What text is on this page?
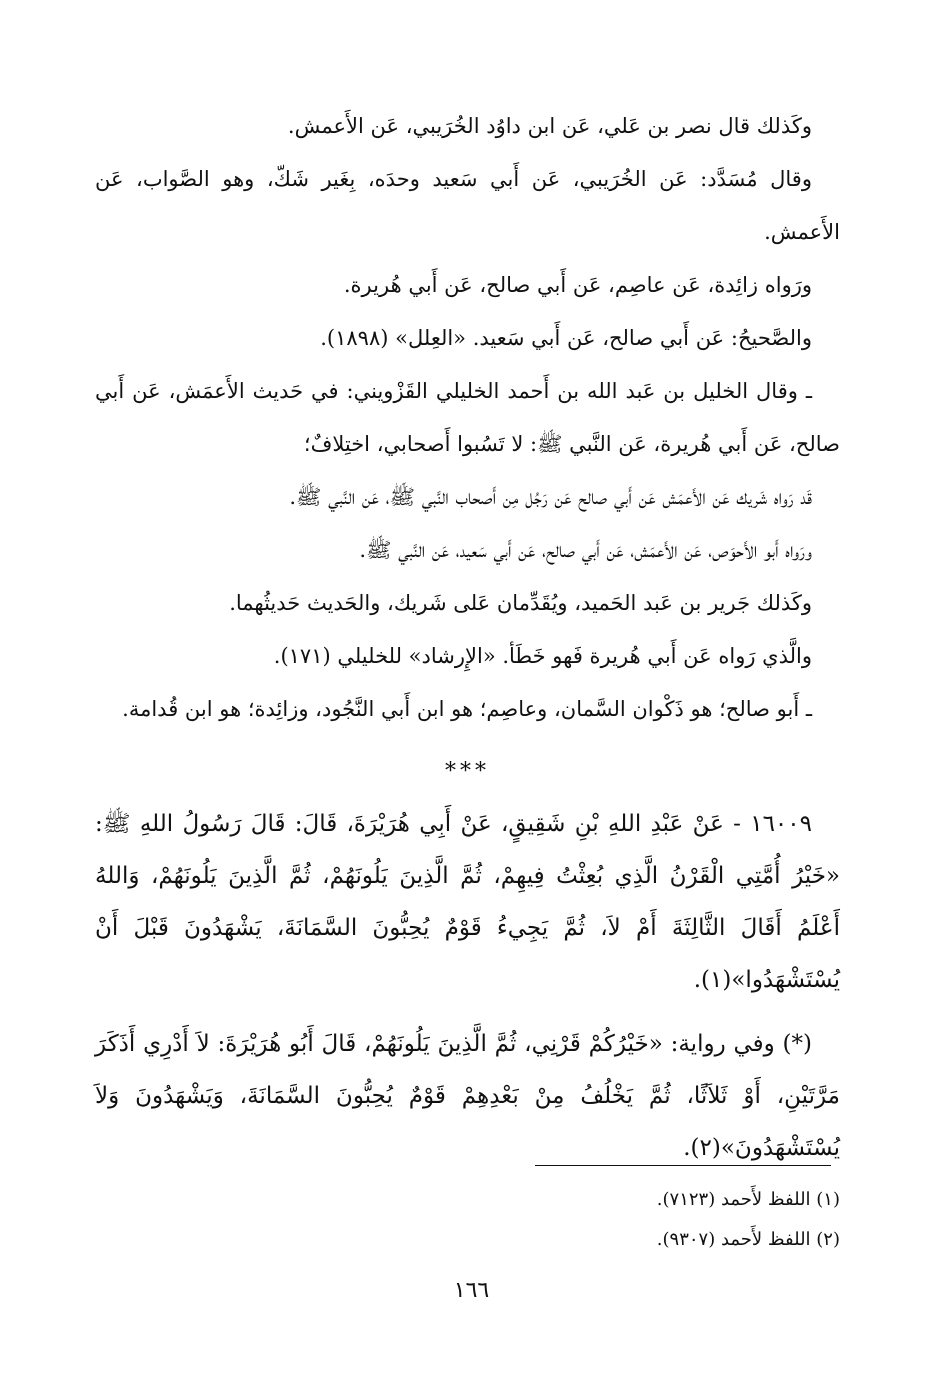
وكَذلك قال نصر بن عَلي، عَن ابن داوُد الخُرَيبي، عَن الأَعمش.

وقال مُسَدَّد: عَن الخُرَيبي، عَن أَبي سَعيد وحدَه، بِغَير شَكّ، وهو الصَّواب، عَن الأَعمش.

ورَواه زائِدة، عَن عاصِم، عَن أَبي صالح، عَن أَبي هُريرة.

والصَّحيحُ: عَن أَبي صالح، عَن أَبي سَعيد. «العِلل» (١٨٩٨).

ـ وقال الخليل بن عَبد الله بن أَحمد الخليلي القَزْويني: في حَديث الأَعمَش، عَن أَبي صالح، عَن أَبي هُريرة، عَن النَّبي ﷺ: لا تَسُبوا أَصحابي، اختِلافٌ؛

قَد رَواه شَريك عَن الأَعمَش عَن أَبي صالح عَن رَجُل مِن أَصحاب النَّبي ﷺ، عَن النَّبي ﷺ.

ورَواه أَبو الأَحوَص، عَن الأَعمَش، عَن أَبي صالح، عَن أَبي سَعيد، عَن النَّبي ﷺ.

وكَذلك جَرير بن عَبد الحَميد، ويُقَدِّمان عَلى شَريك، والحَديث حَديثُهما.

والَّذي رَواه عَن أَبي هُريرة فَهو خَطَأ. «الإِرشاد» للخليلي (١٧١).

ـ أَبو صالح؛ هو ذَكْوان السَّمان، وعاصِم؛ هو ابن أَبي النَّجُود، وزائِدة؛ هو ابن قُدامة.

***

١٦٠٠٩ - عَنْ عَبْدِ اللهِ بْنِ شَقِيقٍ، عَنْ أَبِي هُرَيْرَةَ، قَالَ: قَالَ رَسُولُ اللهِ ﷺ: «خَيْرُ أُمَّتِي الْقَرْنُ الَّذِي بُعِثْتُ فِيهِمْ، ثُمَّ الَّذِينَ يَلُونَهُمْ، ثُمَّ الَّذِينَ يَلُونَهُمْ، وَاللهُ أَعْلَمُ أَقَالَ الثَّالِثَةَ أَمْ لاَ، ثُمَّ يَجِيءُ قَوْمٌ يُحِبُّونَ السَّمَانَةَ، يَشْهَدُونَ قَبْلَ أَنْ يُسْتَشْهَدُوا»(١).

(*) وفي رواية: «خَيْرُكُمْ قَرْنِي، ثُمَّ الَّذِينَ يَلُونَهُمْ، قَالَ أَبُو هُرَيْرَةَ: لاَ أَدْرِي أَذَكَرَ مَرَّتَيْنِ، أَوْ ثَلاَثًا، ثُمَّ يَخْلُفُ مِنْ بَعْدِهِمْ قَوْمٌ يُحِبُّونَ السَّمَانَةَ، وَيَشْهَدُونَ وَلاَ يُسْتَشْهَدُونَ»(٢).

(١) اللفظ لأَحمد (٧١٢٣).

(٢) اللفظ لأَحمد (٩٣٠٧).

١٦٦
